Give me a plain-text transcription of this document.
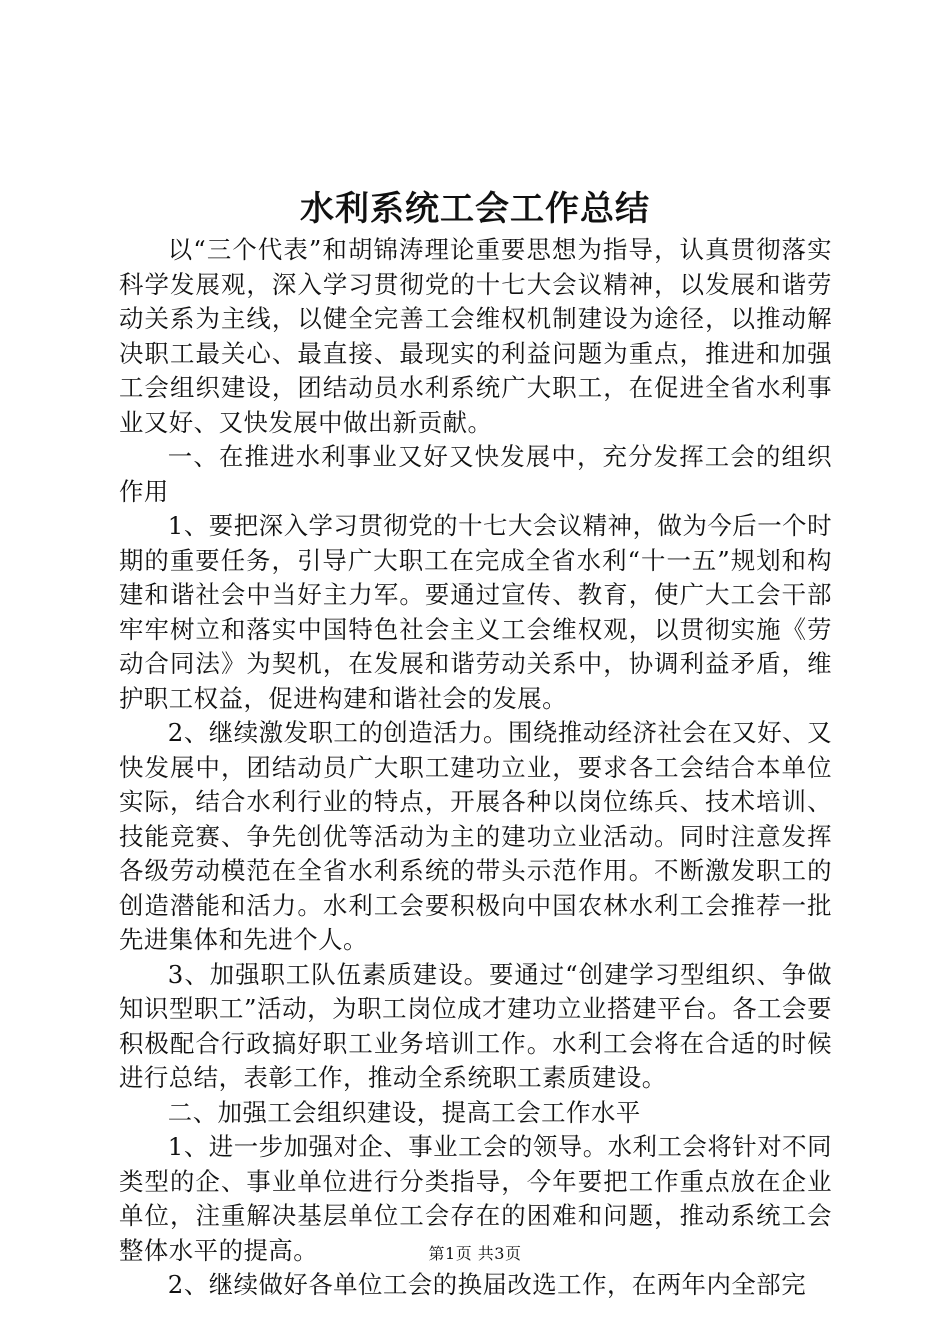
水利系统工会工作总结

以“三个代表”和胡锦涛理论重要思想为指导，认真贯彻落实科学发展观，深入学习贯彻党的十七大会议精神，以发展和谐劳动关系为主线，以健全完善工会维权机制建设为途径，以推动解决职工最关心、最直接、最现实的利益问题为重点，推进和加强工会组织建设，团结动员水利系统广大职工，在促进全省水利事业又好、又快发展中做出新贡献。

一、在推进水利事业又好又快发展中，充分发挥工会的组织作用

1、要把深入学习贯彻党的十七大会议精神，做为今后一个时期的重要任务，引导广大职工在完成全省水利“十一五”规划和构建和谐社会中当好主力军。要通过宣传、教育，使广大工会干部牢牢树立和落实中国特色社会主义工会维权观，以贯彻实施《劳动合同法》为契机，在发展和谐劳动关系中，协调利益矛盾，维护职工权益，促进构建和谐社会的发展。

2、继续激发职工的创造活力。围绕推动经济社会在又好、又快发展中，团结动员广大职工建功立业，要求各工会结合本单位实际，结合水利行业的特点，开展各种以岗位练兵、技术培训、技能竞赛、争先创优等活动为主的建功立业活动。同时注意发挥各级劳动模范在全省水利系统的带头示范作用。不断激发职工的创造潜能和活力。水利工会要积极向中国农林水利工会推荐一批先进集体和先进个人。

3、加强职工队伍素质建设。要通过“创建学习型组织、争做知识型职工”活动，为职工岗位成才建功立业搭建平台。各工会要积极配合行政搞好职工业务培训工作。水利工会将在合适的时候进行总结，表彰工作，推动全系统职工素质建设。

二、加强工会组织建设，提高工会工作水平

1、进一步加强对企、事业工会的领导。水利工会将针对不同类型的企、事业单位进行分类指导，今年要把工作重点放在企业单位，注重解决基层单位工会存在的困难和问题，推动系统工会整体水平的提高。

2、继续做好各单位工会的换届改选工作，在两年内全部完

第1页 共3页
